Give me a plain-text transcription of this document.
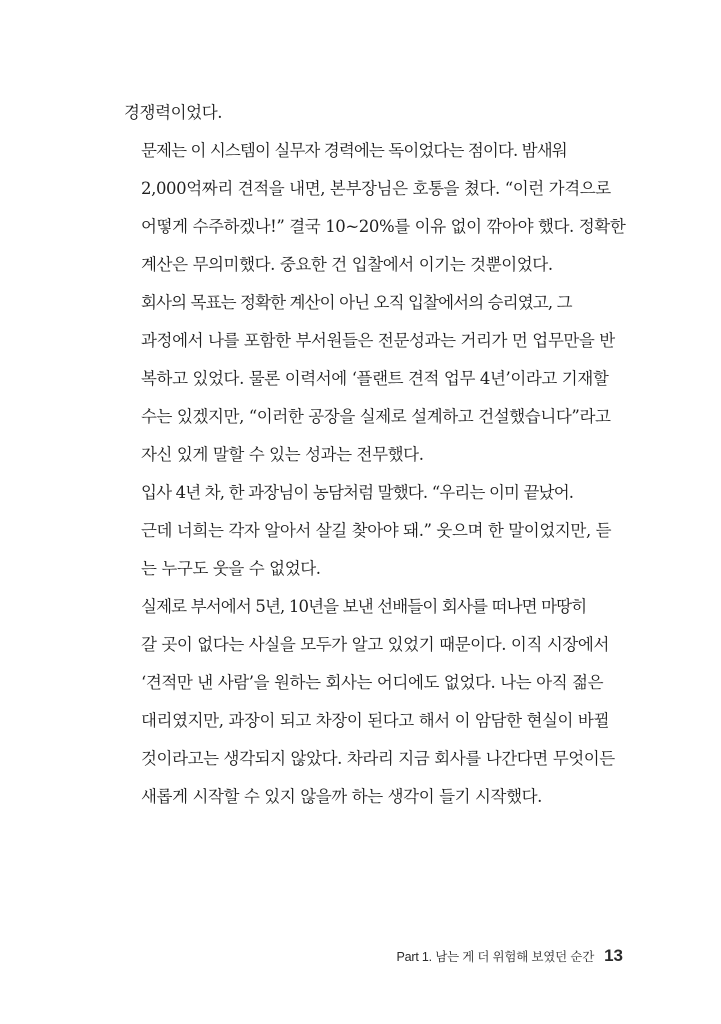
경쟁력이었다.

문제는 이 시스템이 실무자 경력에는 독이었다는 점이다. 밤새워
2,000억짜리 견적을 내면, 본부장님은 호통을 쳤다. “이런 가격으로
어떻게 수주하겠나!” 결국 10~20%를 이유 없이 깎아야 했다. 정확한
계산은 무의미했다. 중요한 건 입찰에서 이기는 것뿐이었다.

회사의 목표는 정확한 계산이 아닌 오직 입찰에서의 승리였고, 그
과정에서 나를 포함한 부서원들은 전문성과는 거리가 먼 업무만을 반
복하고 있었다. 물론 이력서에 ‘플랜트 견적 업무 4년’이라고 기재할
수는 있겠지만, “이러한 공장을 실제로 설계하고 건설했습니다”라고
자신 있게 말할 수 있는 성과는 전무했다.

입사 4년 차, 한 과장님이 농담처럼 말했다. “우리는 이미 끝났어.
근데 너희는 각자 알아서 살길 찾아야 돼.” 웃으며 한 말이었지만, 듣
는 누구도 웃을 수 없었다.

실제로 부서에서 5년, 10년을 보낸 선배들이 회사를 떠나면 마땅히
갈 곳이 없다는 사실을 모두가 알고 있었기 때문이다. 이직 시장에서
‘견적만 낸 사람’을 원하는 회사는 어디에도 없었다. 나는 아직 젊은
대리였지만, 과장이 되고 차장이 된다고 해서 이 암담한 현실이 바뀔
것이라고는 생각되지 않았다. 차라리 지금 회사를 나간다면 무엇이든
새롭게 시작할 수 있지 않을까 하는 생각이 들기 시작했다.

Part 1. 남는 게 더 위험해 보였던 순간 13
